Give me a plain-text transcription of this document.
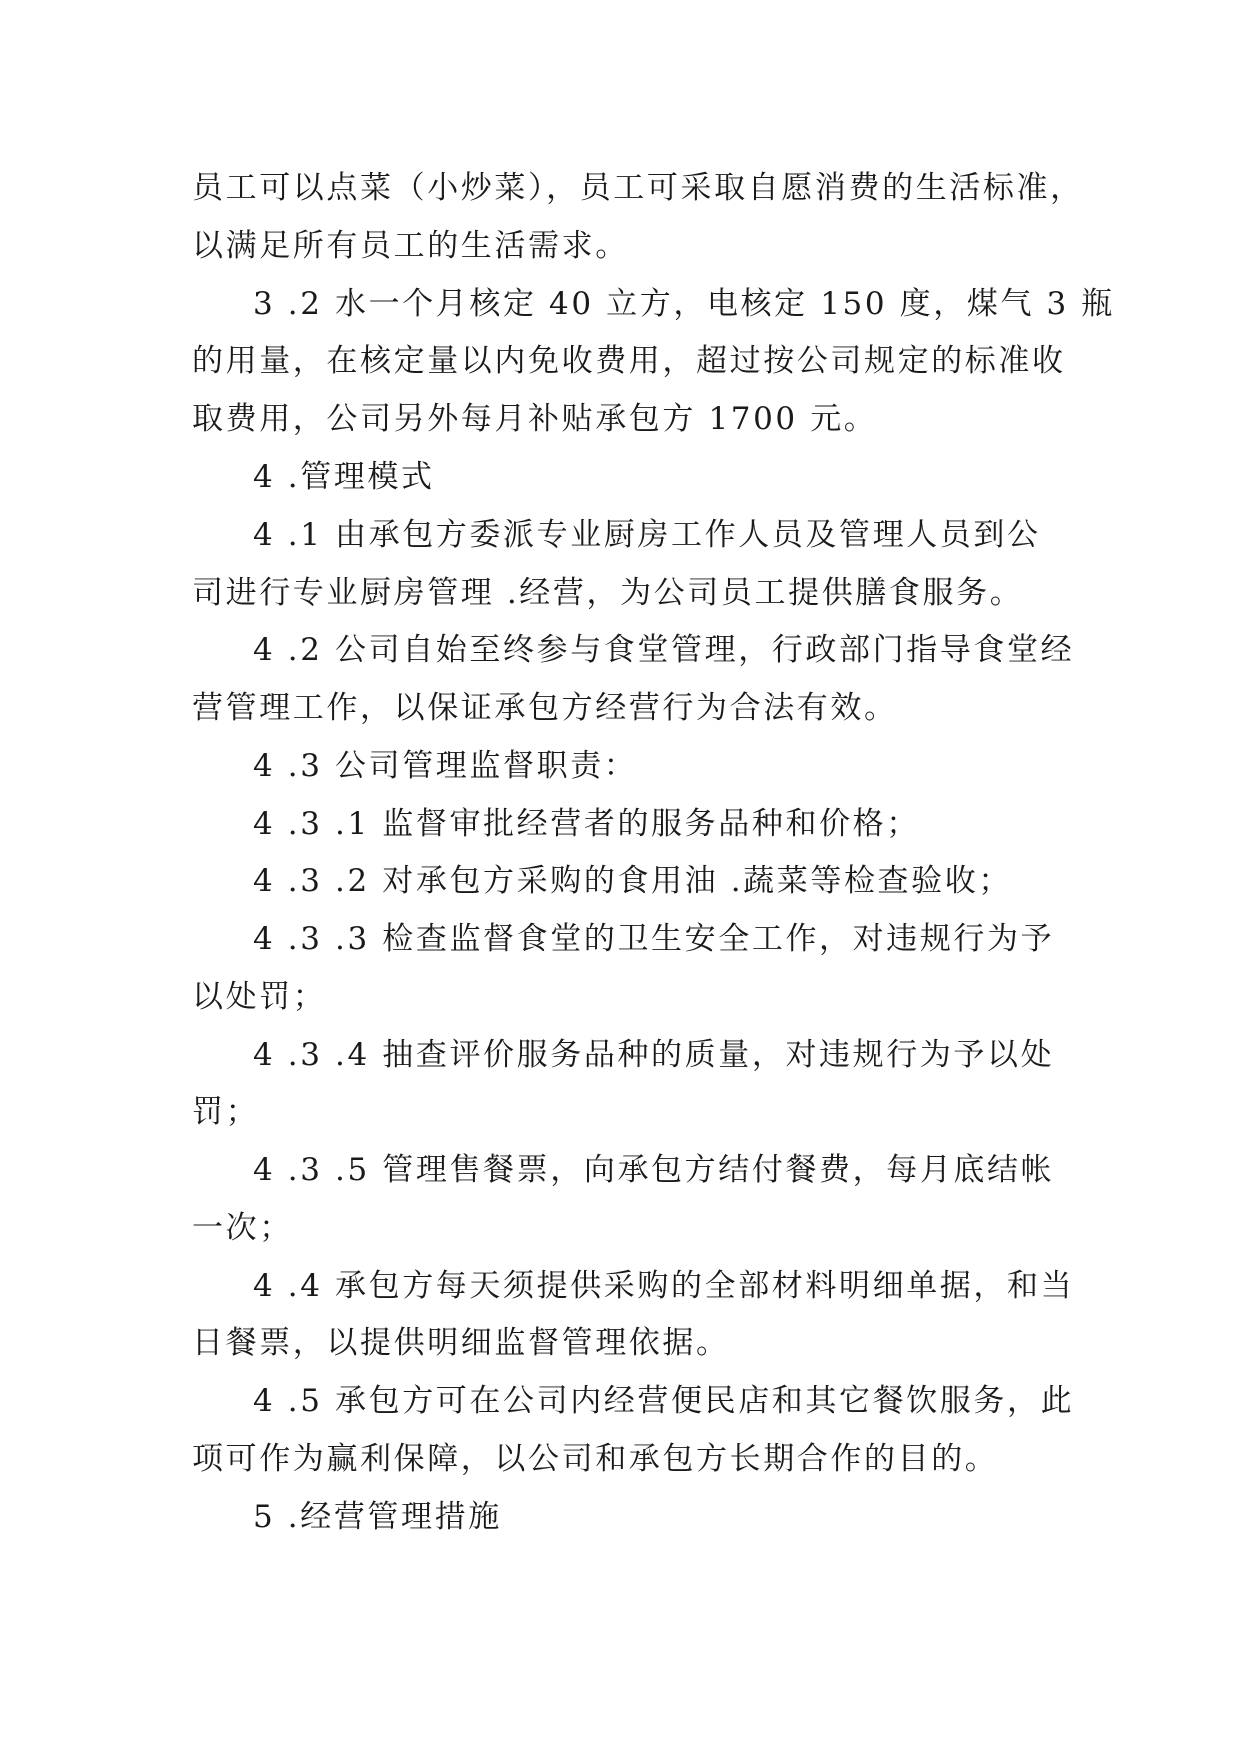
员工可以点菜（小炒菜），员工可采取自愿消费的生活标准，
以满足所有员工的生活需求。
3 .2 水一个月核定 40 立方，电核定 150 度，煤气 3 瓶
的用量，在核定量以内免收费用，超过按公司规定的标准收
取费用，公司另外每月补贴承包方 1700 元。
4 .管理模式
4 .1 由承包方委派专业厨房工作人员及管理人员到公
司进行专业厨房管理 .经营，为公司员工提供膳食服务。
4 .2 公司自始至终参与食堂管理，行政部门指导食堂经
营管理工作，以保证承包方经营行为合法有效。
4 .3 公司管理监督职责：
4 .3 .1 监督审批经营者的服务品种和价格；
4 .3 .2 对承包方采购的食用油 .蔬菜等检查验收；
4 .3 .3 检查监督食堂的卫生安全工作，对违规行为予
以处罚；
4 .3 .4 抽查评价服务品种的质量，对违规行为予以处
罚；
4 .3 .5 管理售餐票，向承包方结付餐费，每月底结帐
一次；
4 .4 承包方每天须提供采购的全部材料明细单据，和当
日餐票，以提供明细监督管理依据。
4 .5 承包方可在公司内经营便民店和其它餐饮服务，此
项可作为赢利保障，以公司和承包方长期合作的目的。
5 .经营管理措施
